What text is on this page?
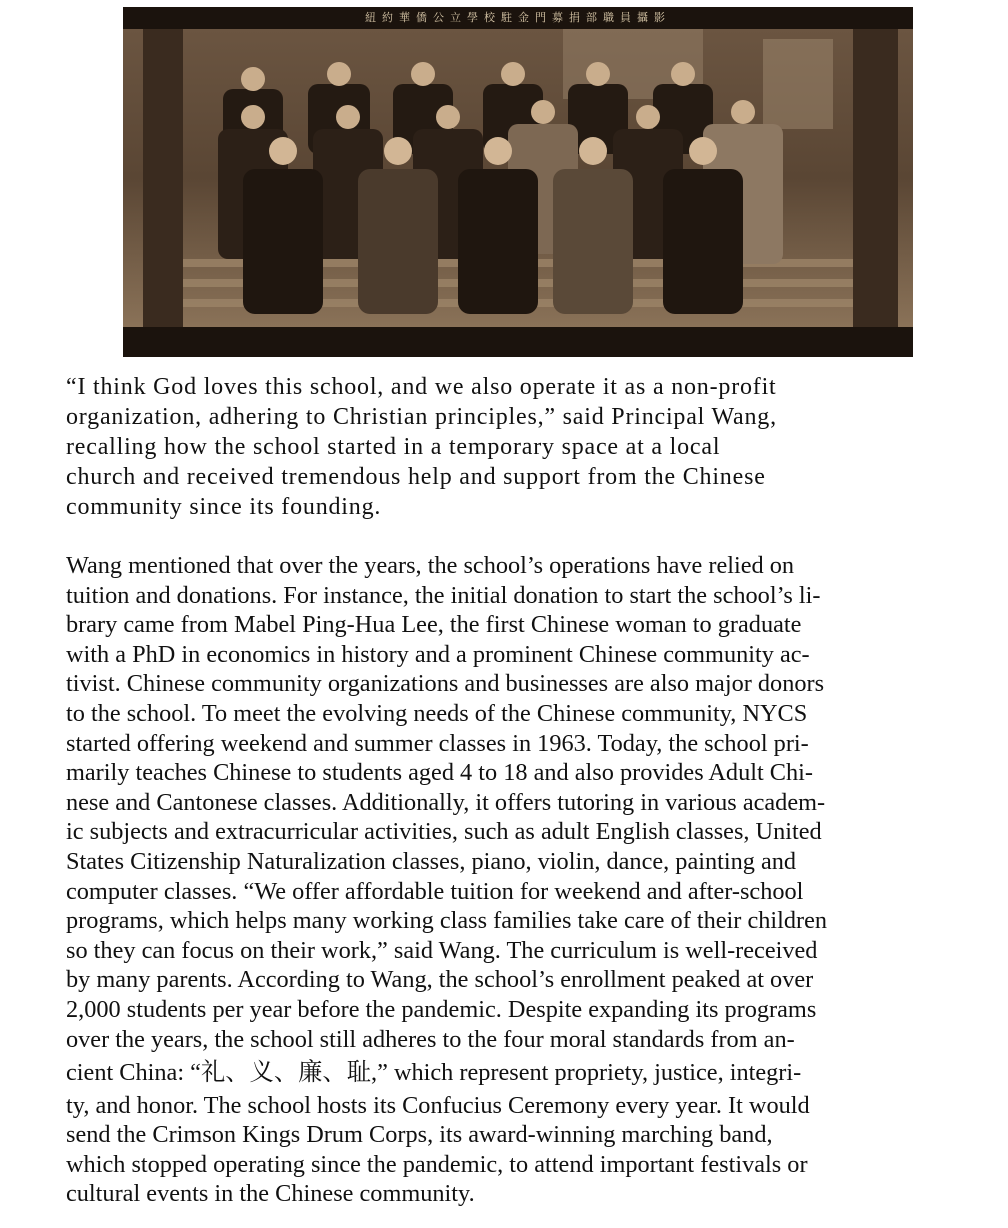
紐約華僑公立學校駐金門募捐部職員攝影

“I think God loves this school, and we also operate it as a non-profit
organization, adhering to Christian principles,” said Principal Wang,
recalling how the school started in a temporary space at a local
church and received tremendous help and support from the Chinese
community since its founding.

Wang mentioned that over the years, the school’s operations have relied on
tuition and donations. For instance, the initial donation to start the school’s li-
brary came from Mabel Ping-Hua Lee, the first Chinese woman to graduate
with a PhD in economics in history and a prominent Chinese community ac-
tivist. Chinese community organizations and businesses are also major donors
to the school. To meet the evolving needs of the Chinese community, NYCS
started offering weekend and summer classes in 1963. Today, the school pri-
marily teaches Chinese to students aged 4 to 18 and also provides Adult Chi-
nese and Cantonese classes. Additionally, it offers tutoring in various academ-
ic subjects and extracurricular activities, such as adult English classes, United
States Citizenship Naturalization classes, piano, violin, dance, painting and
computer classes. “We offer affordable tuition for weekend and after-school
programs, which helps many working class families take care of their children
so they can focus on their work,” said Wang. The curriculum is well-received
by many parents. According to Wang, the school’s enrollment peaked at over
2,000 students per year before the pandemic. Despite expanding its programs
over the years, the school still adheres to the four moral standards from an-
cient China: “礼、义、廉、耻,” which represent propriety, justice, integri-
ty, and honor. The school hosts its Confucius Ceremony every year. It would
send the Crimson Kings Drum Corps, its award-winning marching band,
which stopped operating since the pandemic, to attend important festivals or
cultural events in the Chinese community.
